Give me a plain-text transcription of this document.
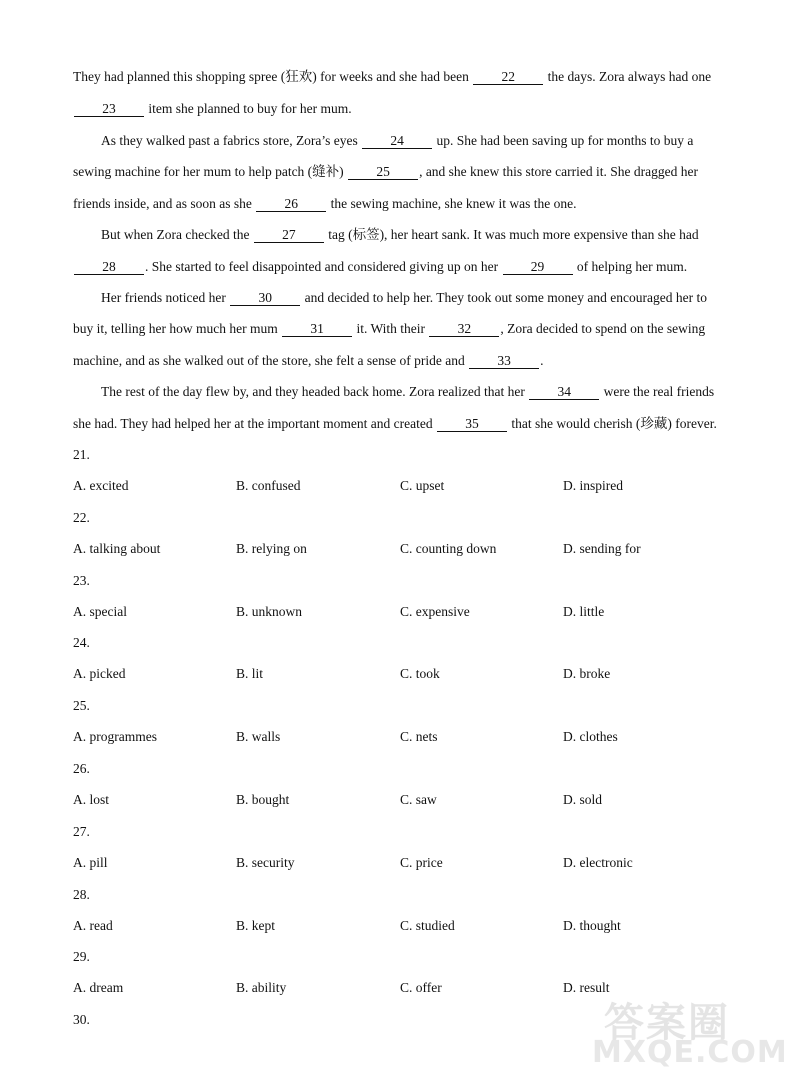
They had planned this shopping spree (狂欢) for weeks and she had been 22 the days. Zora always had one
23 item she planned to buy for her mum.
As they walked past a fabrics store, Zora’s eyes 24 up. She had been saving up for months to buy a
sewing machine for her mum to help patch (缝补) 25 , and she knew this store carried it. She dragged her
friends inside, and as soon as she 26 the sewing machine, she knew it was the one.
But when Zora checked the 27 tag (标签), her heart sank. It was much more expensive than she had
28 . She started to feel disappointed and considered giving up on her 29 of helping her mum.
Her friends noticed her 30 and decided to help her. They took out some money and encouraged her to
buy it, telling her how much her mum 31 it. With their 32 , Zora decided to spend on the sewing
machine, and as she walked out of the store, she felt a sense of pride and 33 .
The rest of the day flew by, and they headed back home. Zora realized that her 34 were the real friends
she had. They had helped her at the important moment and created 35 that she would cherish (珍藏) forever.
21.
A. excited	B. confused	C. upset	D. inspired
22.
A. talking about	B. relying on	C. counting down	D. sending for
23.
A. special	B. unknown	C. expensive	D. little
24.
A. picked	B. lit	C. took	D. broke
25.
A. programmes	B. walls	C. nets	D. clothes
26.
A. lost	B. bought	C. saw	D. sold
27.
A. pill	B. security	C. price	D. electronic
28.
A. read	B. kept	C. studied	D. thought
29.
A. dream	B. ability	C. offer	D. result
30.	答案圈
MXQE.COM
